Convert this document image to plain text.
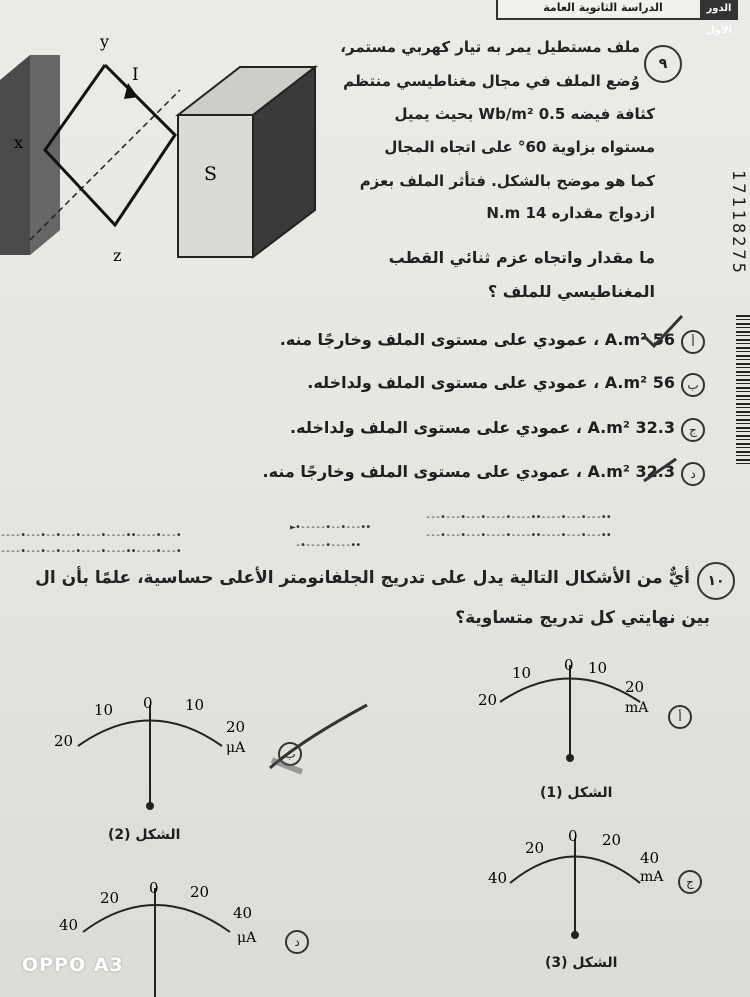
الدراسة الثانوية العامة	الدور الأول
y
I
x
S
z
٩
ملف مستطيل يمر به تيار كهربي مستمر،
وُضع الملف في مجال مغناطيسي منتظم
كثافة فيضه 0.5 Wb/m² بحيث يميل
مستواه بزاوية 60° على اتجاه المجال
كما هو موضح بالشكل. فتأثر الملف بعزم
ازدواج مقداره 14 N.m
ما مقدار واتجاه عزم ثنائي القطب
المغناطيسي للملف ؟
أ
56 A.m² ، عمودي على مستوى الملف وخارجًا منه.
ب
56 A.m² ، عمودي على مستوى الملف ولداخله.
ج
32.3 A.m² ، عمودي على مستوى الملف ولداخله.
د
32.3 A.m² ، عمودي على مستوى الملف وخارجًا منه.
---•---•---•----•----••----•---•---••
---•---•---•----•----••----•---•---••
►•-----•--•---••
-•----•----••
----•---•--•---•----•----••----•---•
----•---•--•---•----•----••----•---•
17118275
١٠
أيٌّ من الأشكال التالية يدل على تدريج الجلفانومتر الأعلى حساسية، علمًا بأن ال
بين نهايتي كل تدريج متساوية؟
20
10 0 10
20
mA
أ
الشكل (1)
20
10 0 10
20
μA	ب
الشكل (2)
40
20
0 20
40
mA	ج
الشكل (3)
40
20
0 20
40
μA	د
OPPO A3
